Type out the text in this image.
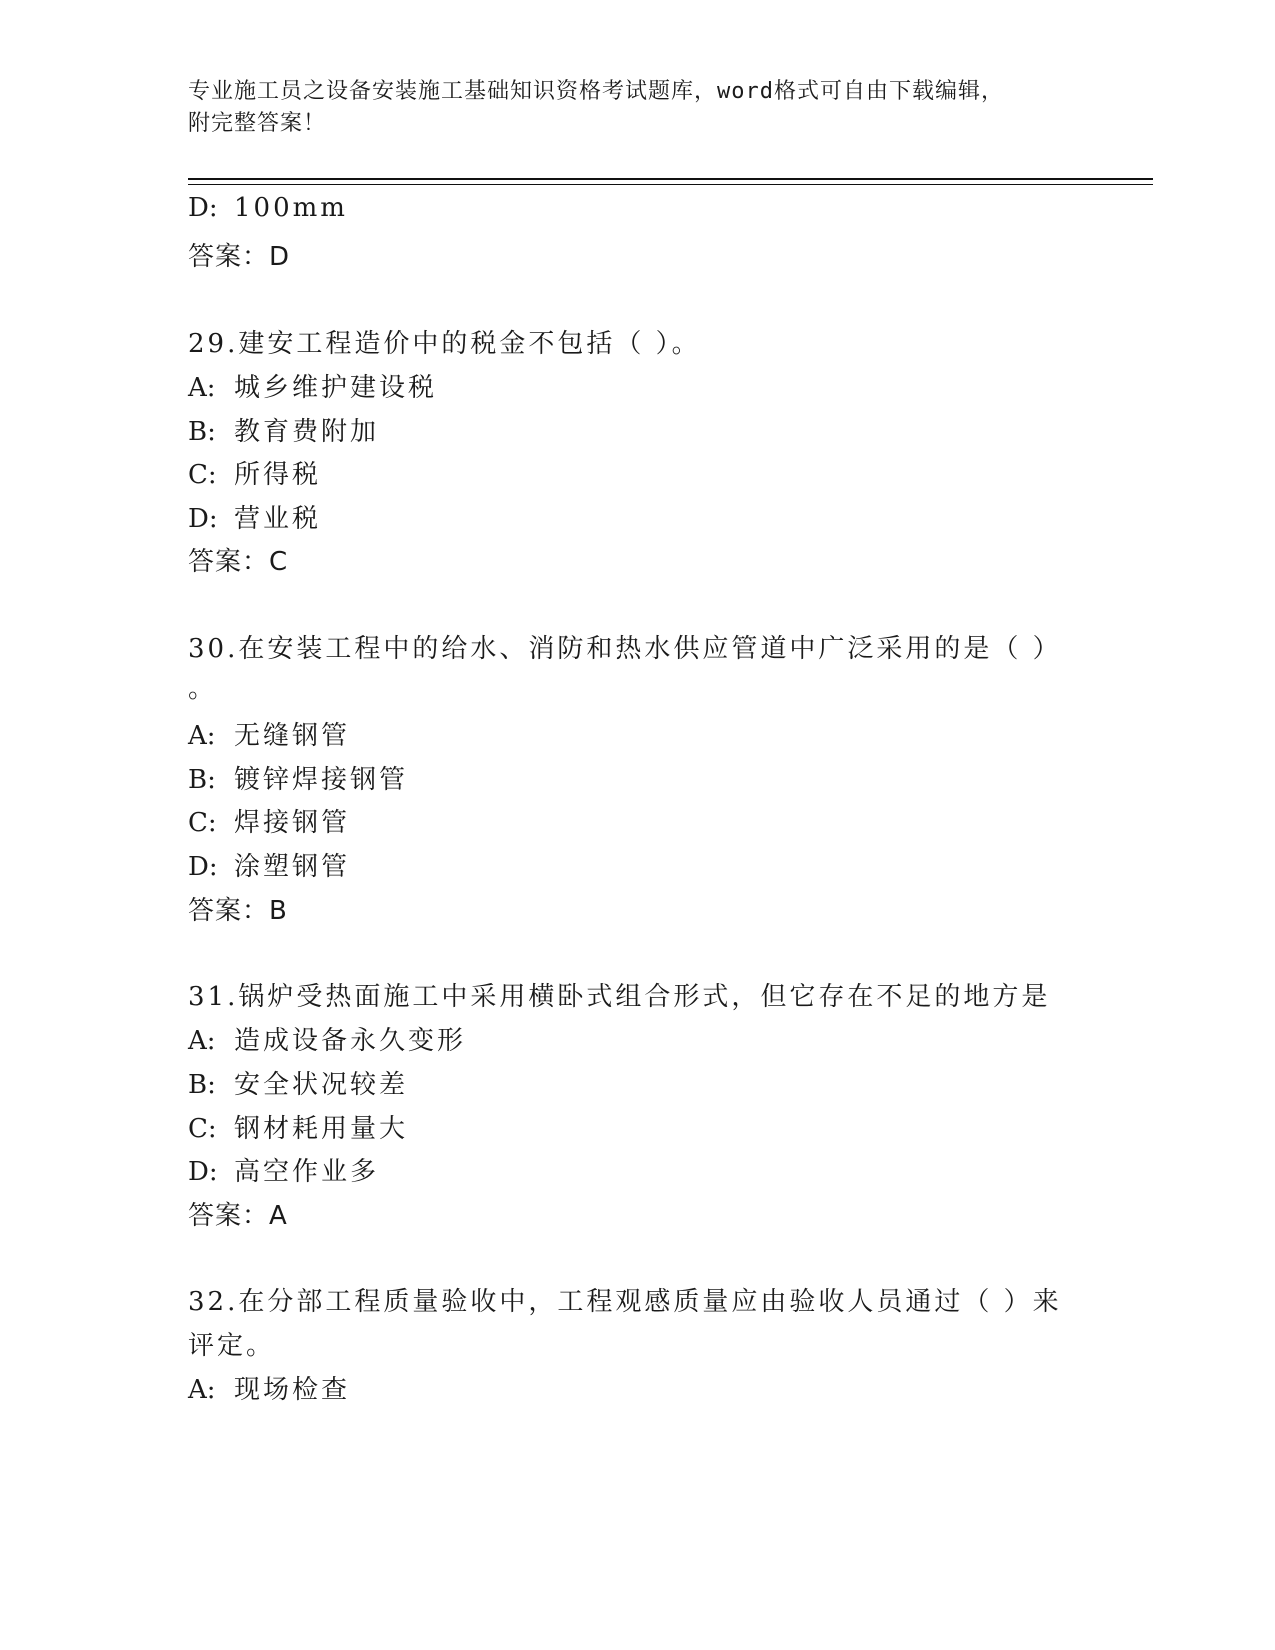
专业施工员之设备安装施工基础知识资格考试题库，word格式可自由下载编辑，
附完整答案！
D: 100mm
答案：D
29.建安工程造价中的税金不包括（ ）。
A: 城乡维护建设税
B: 教育费附加
C: 所得税
D: 营业税
答案：C
30.在安装工程中的给水、消防和热水供应管道中广泛采用的是（ ）
。
A: 无缝钢管
B: 镀锌焊接钢管
C: 焊接钢管
D: 涂塑钢管
答案：B
31.锅炉受热面施工中采用横卧式组合形式，但它存在不足的地方是
A: 造成设备永久变形
B: 安全状况较差
C: 钢材耗用量大
D: 高空作业多
答案：A
32.在分部工程质量验收中，工程观感质量应由验收人员通过（ ）来
评定。
A: 现场检查
